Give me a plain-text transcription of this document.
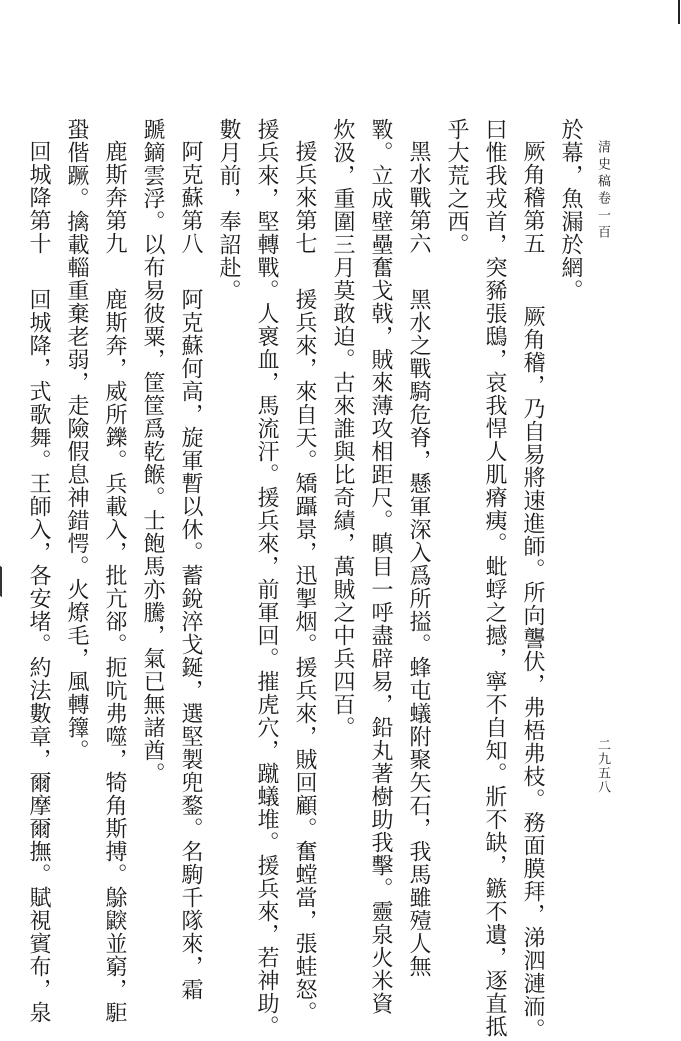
清史稿卷一百
二九五八
於幕，魚漏於網。
厥角稽第五
厥角稽，乃自易將速進師。所向讋伏，弗梧弗枝。務面膜拜，涕泗漣洏。
曰惟我戎首，突豨張鴟，哀我悍人肌瘠痍。蚍蜉之撼，寧不自知。斨不缺，鏃不遺，逐直抵
乎大荒之西。
黑水戰第六
黑水之戰騎危脊，懸軍深入爲所搤。蜂屯蟻附聚矢石，我馬雖殪人無
斁。立成壁壘奮戈戟，賊來薄攻相距尺。瞋目一呼盡辟易，鉛丸著樹助我擊。靈泉火米資
炊汲，重圍三月莫敢迫。古來誰與比奇績，萬賊之中兵四百。
援兵來第七
援兵來，來自天。矯躡景，迅掣烟。援兵來，賊回顧。奮螳當，張蛙怒。
援兵來，堅轉戰。人褱血，馬流汗。援兵來，前軍回。摧虎穴，蹴蟻堆。援兵來，若神助。
數月前，奉詔赴。
阿克蘇第八
阿克蘇何高，旋軍暫以休。蓄銳淬戈鋋，選堅製兜鍪。名駒千隊來，霜
蹏鏑雲浮。以布易彼粟，筐筐爲乾餱。士飽馬亦騰，氣已無諸酋。
鹿斯奔第九
鹿斯奔，威所鑠。兵載入，批亢郤。扼吭弗噬，犄角斯搏。鵌鼵並窮，駏
蛩偕蹶。擒載輜重棄老弱，走險假息神錯愕。火燎毛，風轉籜。
回城降第十
回城降，式歌舞。王師入，各安堵。約法數章，爾摩爾撫。賦視賓布，泉
